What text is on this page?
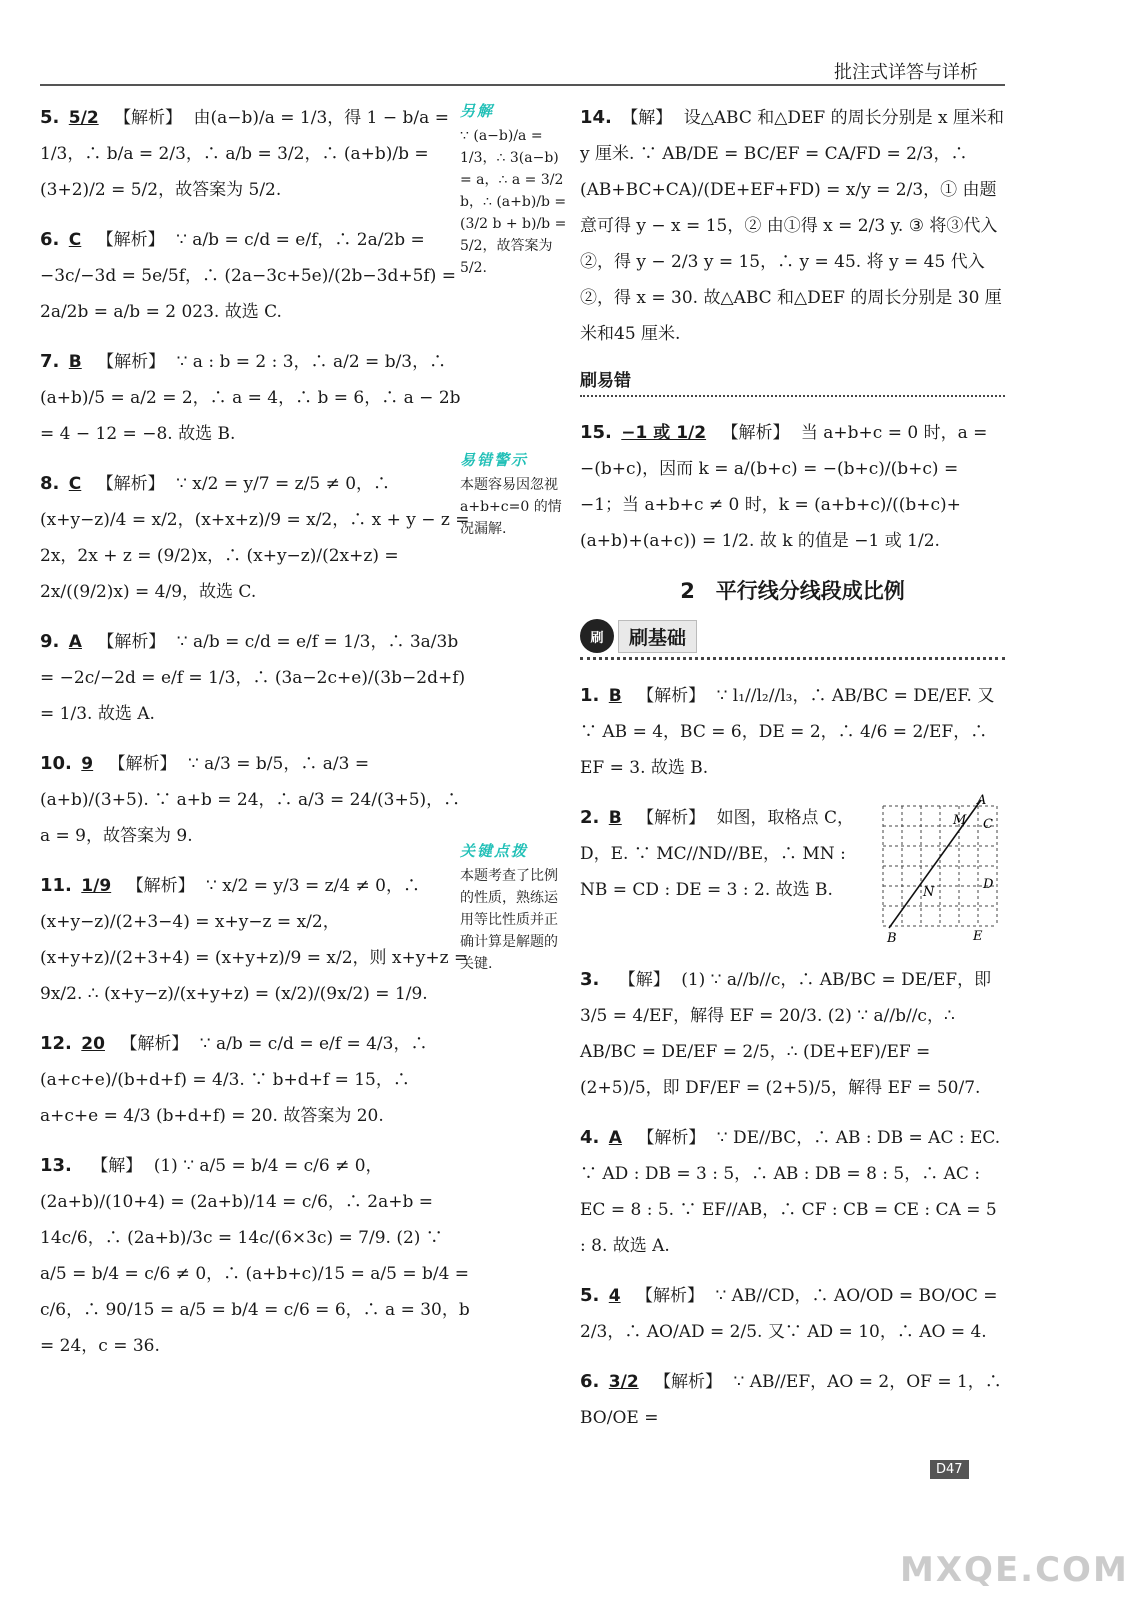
批注式详答与详析
5. 5/2 【解析】 由(a−b)/a = 1/3，得 1 − b/a = 1/3，∴ b/a = 2/3，∴ a/b = 3/2，∴ (a+b)/b = (3+2)/2 = 5/2，故答案为 5/2.
6. C 【解析】 ∵ a/b = c/d = e/f，∴ 2a/2b = −3c/−3d = 5e/5f，∴ (2a−3c+5e)/(2b−3d+5f) = 2a/2b = a/b = 2 023. 故选 C.
7. B 【解析】 ∵ a : b = 2 : 3，∴ a/2 = b/3，∴ (a+b)/5 = a/2 = 2，∴ a = 4，∴ b = 6，∴ a − 2b = 4 − 12 = −8. 故选 B.
8. C 【解析】 ∵ x/2 = y/7 = z/5 ≠ 0，∴ (x+y−z)/4 = x/2，(x+x+z)/9 = x/2，∴ x + y − z = 2x，2x + z = (9/2)x，∴ (x+y−z)/(2x+z) = 2x/((9/2)x) = 4/9，故选 C.
9. A 【解析】 ∵ a/b = c/d = e/f = 1/3，∴ 3a/3b = −2c/−2d = e/f = 1/3，∴ (3a−2c+e)/(3b−2d+f) = 1/3. 故选 A.
10. 9 【解析】 ∵ a/3 = b/5，∴ a/3 = (a+b)/(3+5). ∵ a+b = 24，∴ a/3 = 24/(3+5)，∴ a = 9，故答案为 9.
11. 1/9 【解析】 ∵ x/2 = y/3 = z/4 ≠ 0，∴ (x+y−z)/(2+3−4) = x+y−z = x/2，(x+y+z)/(2+3+4) = (x+y+z)/9 = x/2，则 x+y+z = 9x/2. ∴ (x+y−z)/(x+y+z) = (x/2)/(9x/2) = 1/9.
12. 20 【解析】 ∵ a/b = c/d = e/f = 4/3，∴ (a+c+e)/(b+d+f) = 4/3. ∵ b+d+f = 15，∴ a+c+e = 4/3 (b+d+f) = 20. 故答案为 20.
13. 【解】 (1) ∵ a/5 = b/4 = c/6 ≠ 0，(2a+b)/(10+4) = (2a+b)/14 = c/6，∴ 2a+b = 14c/6，∴ (2a+b)/3c = 14c/(6×3c) = 7/9. (2) ∵ a/5 = b/4 = c/6 ≠ 0，∴ (a+b+c)/15 = a/5 = b/4 = c/6，∴ 90/15 = a/5 = b/4 = c/6 = 6，∴ a = 30，b = 24，c = 36.
另解
∵ (a−b)/a = 1/3，∴ 3(a−b) = a，∴ a = 3/2 b，∴ (a+b)/b = (3/2 b + b)/b = 5/2，故答案为 5/2.
易错警示
本题容易因忽视 a+b+c=0 的情况漏解.
关键点拨
本题考查了比例的性质，熟练运用等比性质并正确计算是解题的关键.
14. 【解】 设△ABC 和△DEF 的周长分别是 x 厘米和 y 厘米. ∵ AB/DE = BC/EF = CA/FD = 2/3，∴ (AB+BC+CA)/(DE+EF+FD) = x/y = 2/3，① 由题意可得 y − x = 15，② 由①得 x = 2/3 y. ③ 将③代入②，得 y − 2/3 y = 15，∴ y = 45. 将 y = 45 代入②，得 x = 30. 故△ABC 和△DEF 的周长分别是 30 厘米和45 厘米.
刷易错
15. −1 或 1/2 【解析】 当 a+b+c = 0 时，a = −(b+c)，因而 k = a/(b+c) = −(b+c)/(b+c) = −1；当 a+b+c ≠ 0 时，k = (a+b+c)/((b+c)+(a+b)+(a+c)) = 1/2. 故 k 的值是 −1 或 1/2.
2　平行线分线段成比例
刷	刷基础
1. B 【解析】 ∵ l₁//l₂//l₃，∴ AB/BC = DE/EF. 又∵ AB = 4，BC = 6，DE = 2，∴ 4/6 = 2/EF，∴ EF = 3. 故选 B.
A
M C
N
D
B	E
2. B 【解析】 如图，取格点 C，D，E. ∵ MC//ND//BE，∴ MN : NB = CD : DE = 3 : 2. 故选 B.
3. 【解】 (1) ∵ a//b//c，∴ AB/BC = DE/EF，即 3/5 = 4/EF，解得 EF = 20/3. (2) ∵ a//b//c，∴ AB/BC = DE/EF = 2/5，∴ (DE+EF)/EF = (2+5)/5，即 DF/EF = (2+5)/5，解得 EF = 50/7.
4. A 【解析】 ∵ DE//BC，∴ AB : DB = AC : EC. ∵ AD : DB = 3 : 5，∴ AB : DB = 8 : 5，∴ AC : EC = 8 : 5. ∵ EF//AB，∴ CF : CB = CE : CA = 5 : 8. 故选 A.
5. 4 【解析】 ∵ AB//CD，∴ AO/OD = BO/OC = 2/3，∴ AO/AD = 2/5. 又∵ AD = 10，∴ AO = 4.
6. 3/2 【解析】 ∵ AB//EF，AO = 2，OF = 1，∴ BO/OE =
D47
MXQE.COM
